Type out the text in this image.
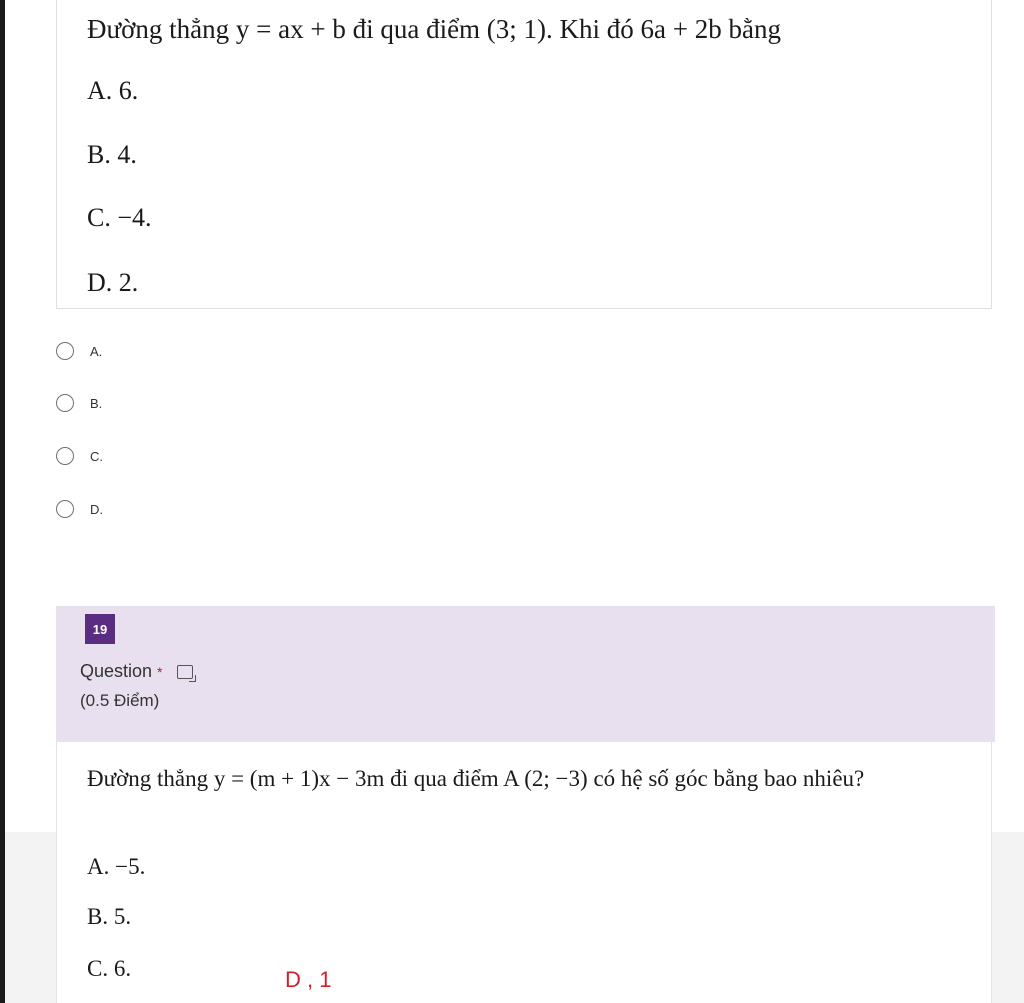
Đường thẳng y = ax + b đi qua điểm (3; 1). Khi đó 6a + 2b bằng
A. 6.
B. 4.
C. −4.
D. 2.
A.
B.
C.
D.
19
Question *
(0.5 Điểm)
Đường thẳng y = (m + 1)x − 3m đi qua điểm A (2; −3) có hệ số góc bằng bao nhiêu?
A. −5.
B. 5.
C. 6.	D , 1
